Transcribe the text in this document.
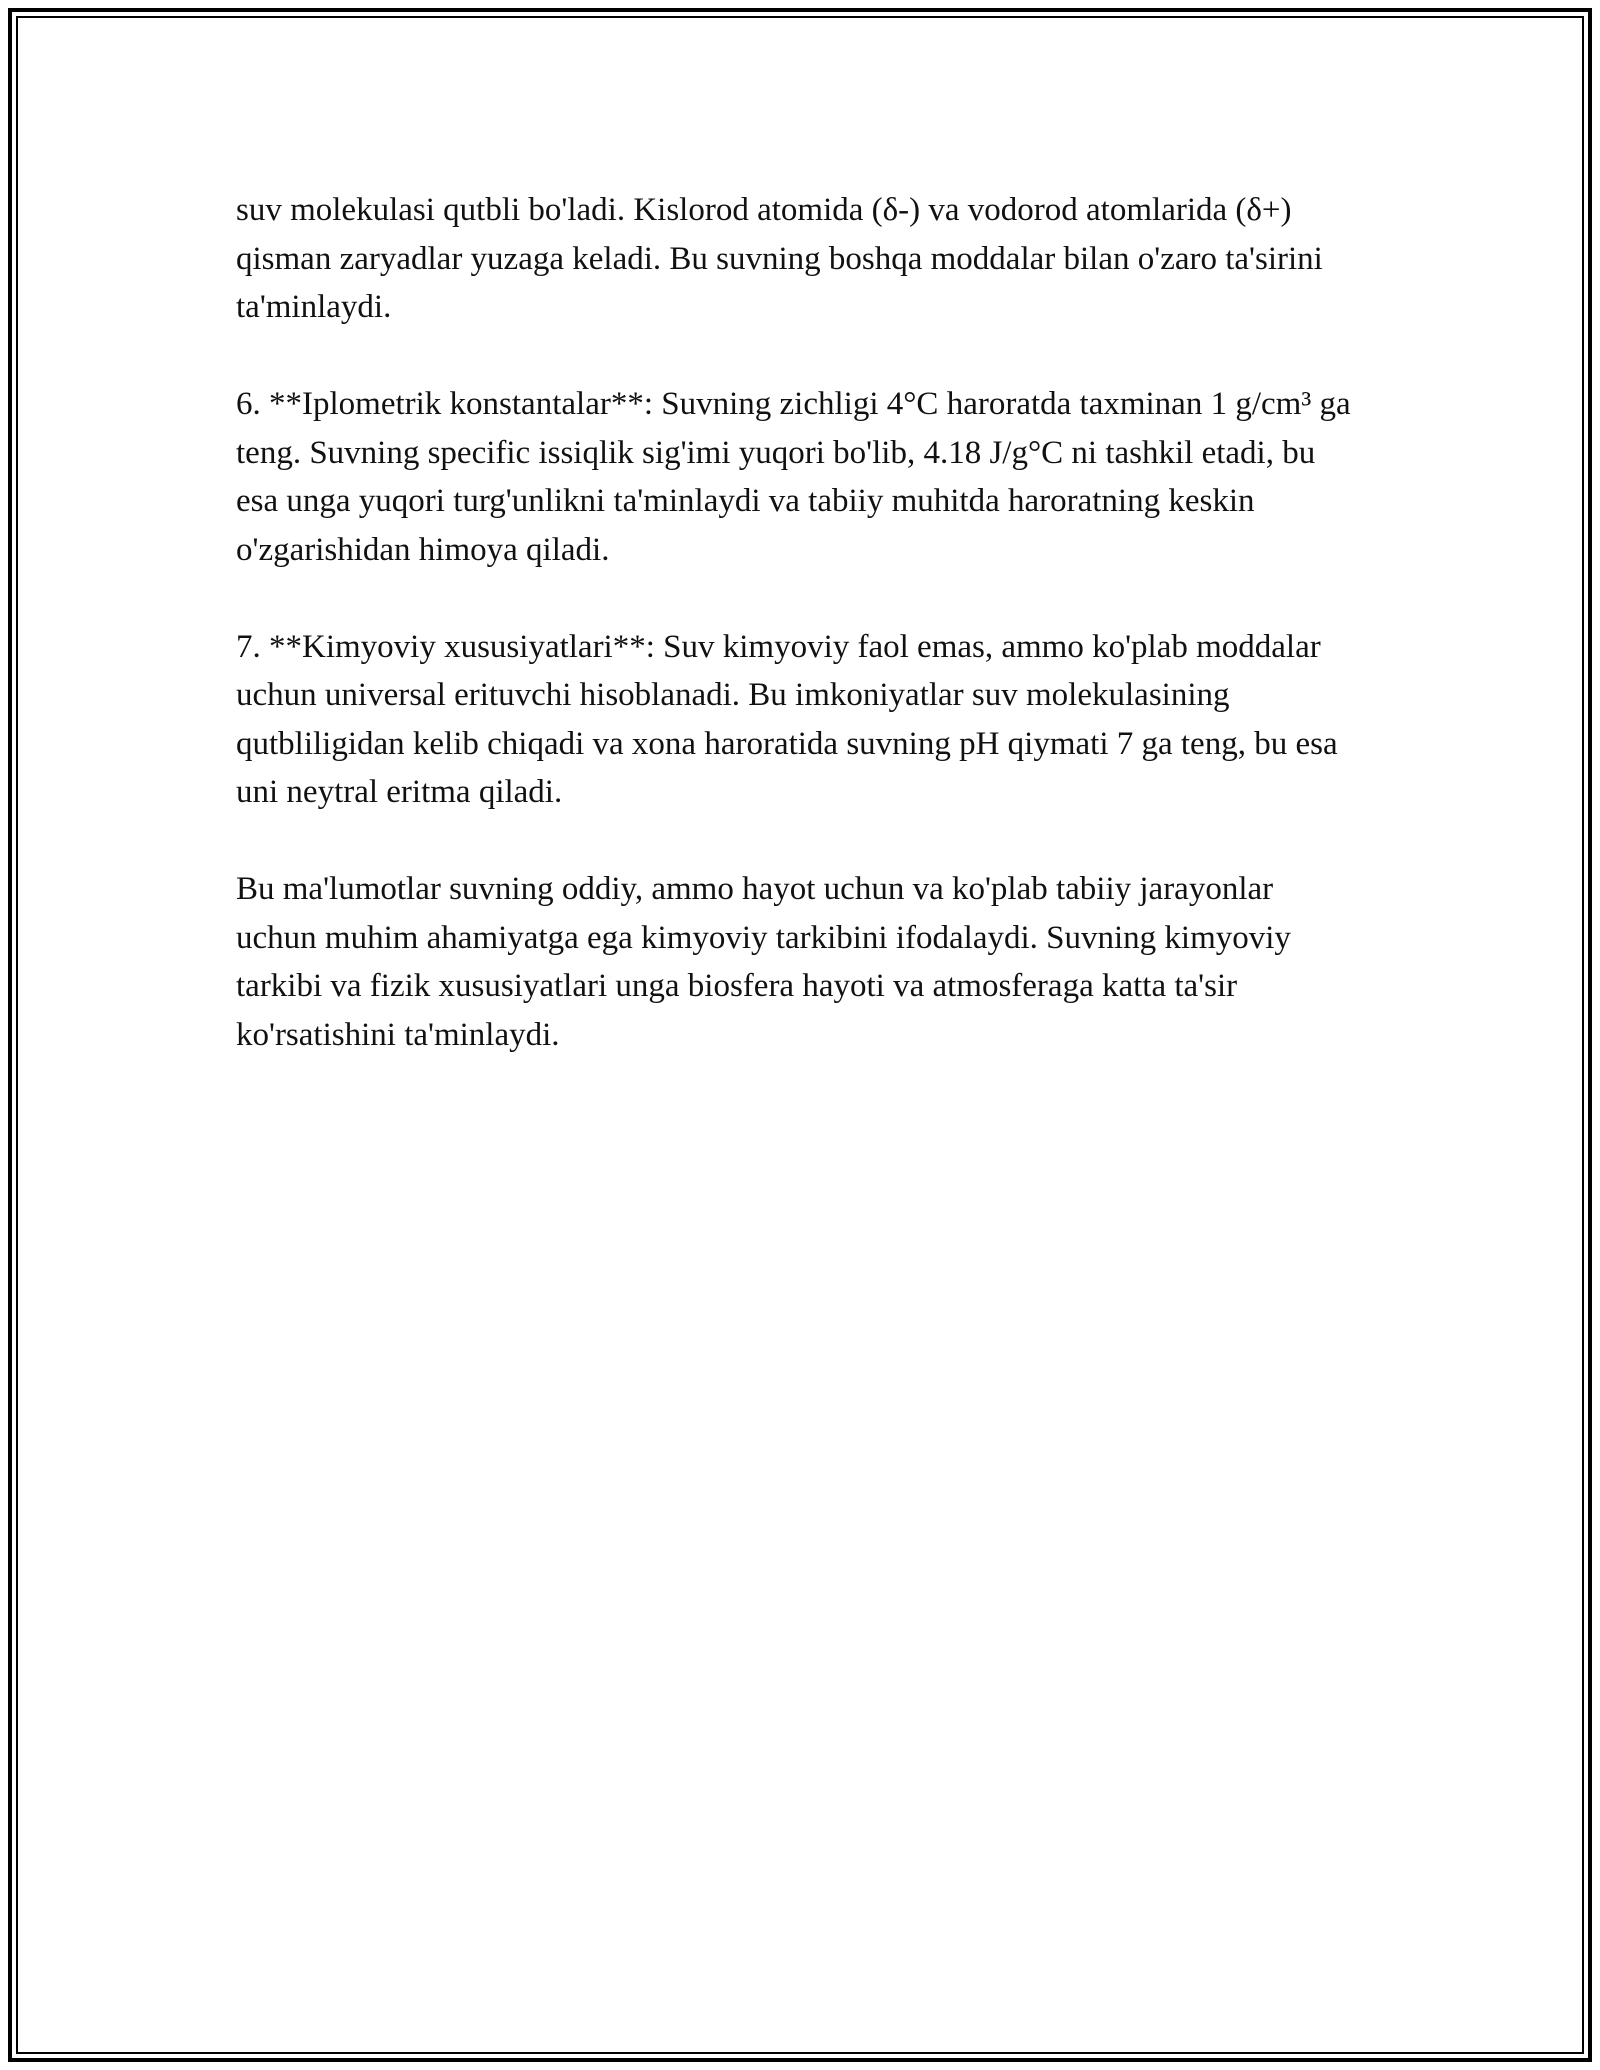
suv molekulasi qutbli bo'ladi. Kislorod atomida (δ-) va vodorod atomlarida (δ+) qisman zaryadlar yuzaga keladi. Bu suvning boshqa moddalar bilan o'zaro ta'sirini ta'minlaydi.

6. **Iplometrik konstantalar**: Suvning zichligi 4°C haroratda taxminan 1 g/cm³ ga teng. Suvning specific issiqlik sig'imi yuqori bo'lib, 4.18 J/g°C ni tashkil etadi, bu esa unga yuqori turg'unlikni ta'minlaydi va tabiiy muhitda haroratning keskin o'zgarishidan himoya qiladi.

7. **Kimyoviy xususiyatlari**: Suv kimyoviy faol emas, ammo ko'plab moddalar uchun universal erituvchi hisoblanadi. Bu imkoniyatlar suv molekulasining qutbliligidan kelib chiqadi va xona haroratida suvning pH qiymati 7 ga teng, bu esa uni neytral eritma qiladi.

Bu ma'lumotlar suvning oddiy, ammo hayot uchun va ko'plab tabiiy jarayonlar uchun muhim ahamiyatga ega kimyoviy tarkibini ifodalaydi. Suvning kimyoviy tarkibi va fizik xususiyatlari unga biosfera hayoti va atmosferaga katta ta'sir ko'rsatishini ta'minlaydi.
